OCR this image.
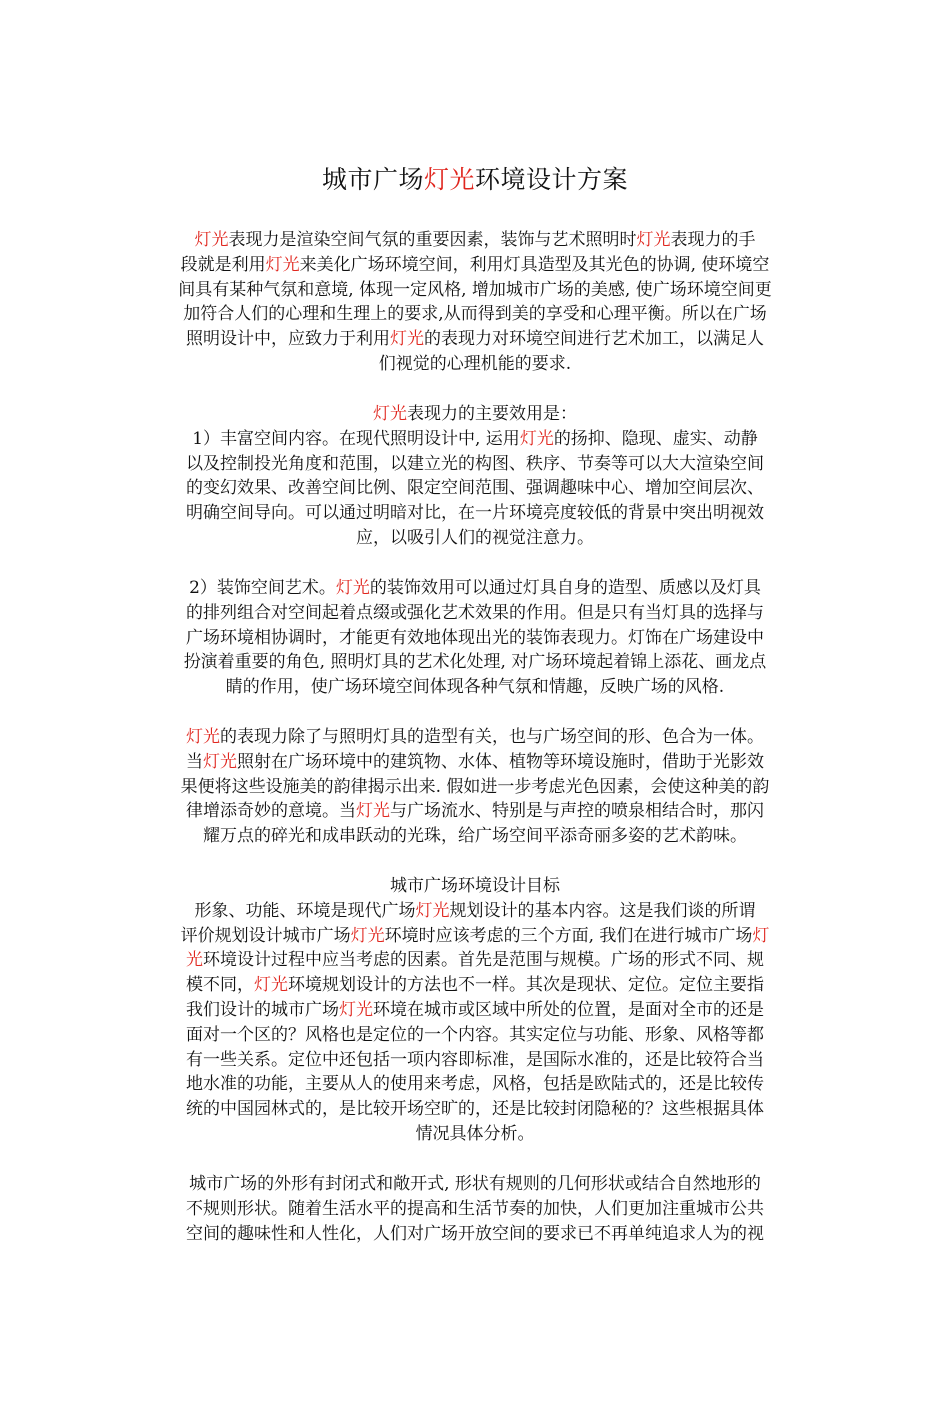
城市广场灯光环境设计方案
灯光表现力是渲染空间气氛的重要因素，装饰与艺术照明时灯光表现力的手
段就是利用灯光来美化广场环境空间，利用灯具造型及其光色的协调, 使环境空
间具有某种气氛和意境, 体现一定风格, 增加城市广场的美感, 使广场环境空间更
加符合人们的心理和生理上的要求,从而得到美的享受和心理平衡。所以在广场
照明设计中，应致力于利用灯光的表现力对环境空间进行艺术加工，以满足人
们视觉的心理机能的要求.
灯光表现力的主要效用是：
1）丰富空间内容。在现代照明设计中, 运用灯光的扬抑、隐现、虚实、动静
以及控制投光角度和范围，以建立光的构图、秩序、节奏等可以大大渲染空间
的变幻效果、改善空间比例、限定空间范围、强调趣味中心、增加空间层次、
明确空间导向。可以通过明暗对比，在一片环境亮度较低的背景中突出明视效
应，以吸引人们的视觉注意力。
2）装饰空间艺术。灯光的装饰效用可以通过灯具自身的造型、质感以及灯具
的排列组合对空间起着点缀或强化艺术效果的作用。但是只有当灯具的选择与
广场环境相协调时，才能更有效地体现出光的装饰表现力。灯饰在广场建设中
扮演着重要的角色, 照明灯具的艺术化处理, 对广场环境起着锦上添花、画龙点
睛的作用，使广场环境空间体现各种气氛和情趣，反映广场的风格.
灯光的表现力除了与照明灯具的造型有关，也与广场空间的形、色合为一体。
当灯光照射在广场环境中的建筑物、水体、植物等环境设施时，借助于光影效
果便将这些设施美的韵律揭示出来. 假如进一步考虑光色因素，会使这种美的韵
律增添奇妙的意境。当灯光与广场流水、特别是与声控的喷泉相结合时，那闪
耀万点的碎光和成串跃动的光珠，给广场空间平添奇丽多姿的艺术韵味。
城市广场环境设计目标
形象、功能、环境是现代广场灯光规划设计的基本内容。这是我们谈的所谓
评价规划设计城市广场灯光环境时应该考虑的三个方面, 我们在进行城市广场灯
光环境设计过程中应当考虑的因素。首先是范围与规模。广场的形式不同、规
模不同，灯光环境规划设计的方法也不一样。其次是现状、定位。定位主要指
我们设计的城市广场灯光环境在城市或区域中所处的位置，是面对全市的还是
面对一个区的？风格也是定位的一个内容。其实定位与功能、形象、风格等都
有一些关系。定位中还包括一项内容即标准，是国际水准的，还是比较符合当
地水准的功能，主要从人的使用来考虑，风格，包括是欧陆式的，还是比较传
统的中国园林式的，是比较开场空旷的，还是比较封闭隐秘的？这些根据具体
情况具体分析。
城市广场的外形有封闭式和敞开式, 形状有规则的几何形状或结合自然地形的
不规则形状。随着生活水平的提高和生活节奏的加快，人们更加注重城市公共
空间的趣味性和人性化，人们对广场开放空间的要求已不再单纯追求人为的视
